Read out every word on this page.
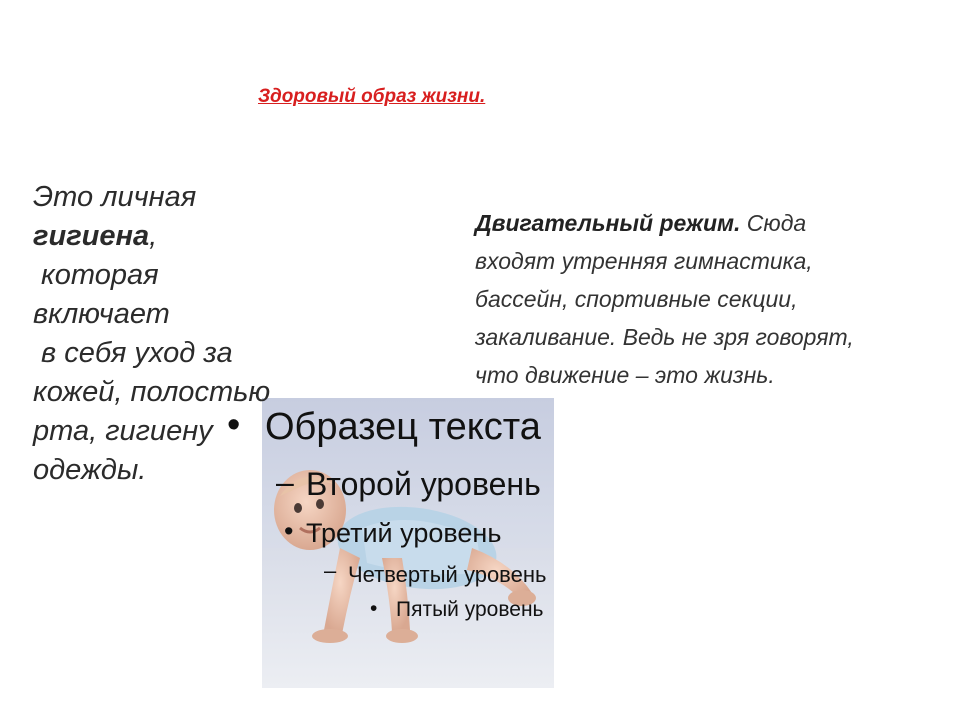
Здоровый образ жизни.
Это личная
гигиена,
которая
включает
в себя уход за
кожей, полостью
рта, гигиену
одежды.
Двигательный режим. Сюда
входят утренняя гимнастика,
бассейн, спортивные секции,
закаливание. Ведь не зря говорят,
что движение – это жизнь.
• Образец текста
– Второй уровень
• Третий уровень
– Четвертый уровень
• Пятый уровень
